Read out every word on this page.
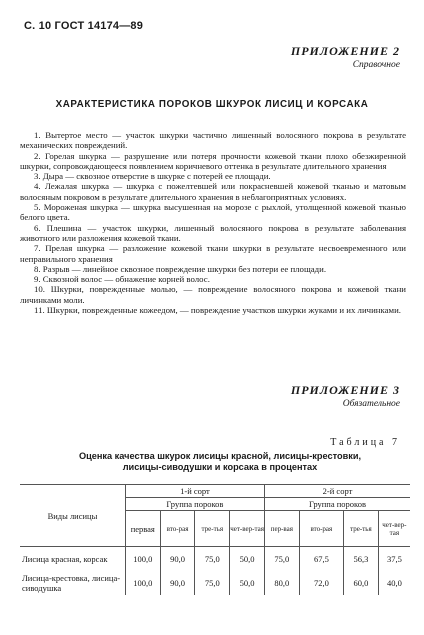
С. 10 ГОСТ 14174—89
ПРИЛОЖЕНИЕ 2
Справочное
ХАРАКТЕРИСТИКА ПОРОКОВ ШКУРОК ЛИСИЦ И КОРСАКА

1. Вытертое место — участок шкурки частично лишенный волосяного покрова в результате механических повреждений.

2. Горелая шкурка — разрушение или потеря прочности кожевой ткани плохо обезжиренной шкурки, сопровождающееся появлением коричневого оттенка в результате длительного хранения

3. Дыра — сквозное отверстие в шкурке с потерей ее площади.

4. Лежалая шкурка — шкурка с пожелтевшей или покрасневшей кожевой тканью и матовым волосяным покровом в результате длительного хранения в неблагоприятных условиях.

5. Мороженая шкурка — шкурка высушенная на морозе с рыхлой, утолщенной кожевой тканью белого цвета.

6. Плешина — участок шкурки, лишенный волосяного покрова в результате заболевания животного или разложения кожевой ткани.

7. Прелая шкурка — разложение кожевой ткани шкурки в результате несвоевременного или неправильного хранения

8. Разрыв — линейное сквозное повреждение шкурки без потери ее площади.

9. Сквозной волос — обнажение корней волос.

10. Шкурки, поврежденные молью, — повреждение волосяного покрова и кожевой ткани личинками моли.

11. Шкурки, поврежденные кожеедом, — повреждение участков шкурки жуками и их личинками.

ПРИЛОЖЕНИЕ 3
Обязательное
Таблица 7
Оценка качества шкурок лисицы красной, лисицы-крестовки,
лисицы-сиводушки и корсака в процентах
Виды лисицы	1-й сорт				2-й сорт			
	Группа пороков				Группа пороков			
	первая	вто-рая	тре-тья	чет-вер-тая	пер-вая	вто-рая	тре-тья	чет-вер-тая
Лисица красная, корсак	100,0	90,0	75,0	50,0	75,0	67,5	56,3	37,5
Лисица-крестовка, лисица-сиводушка	100,0	90,0	75,0	50,0	80,0	72,0	60,0	40,0
